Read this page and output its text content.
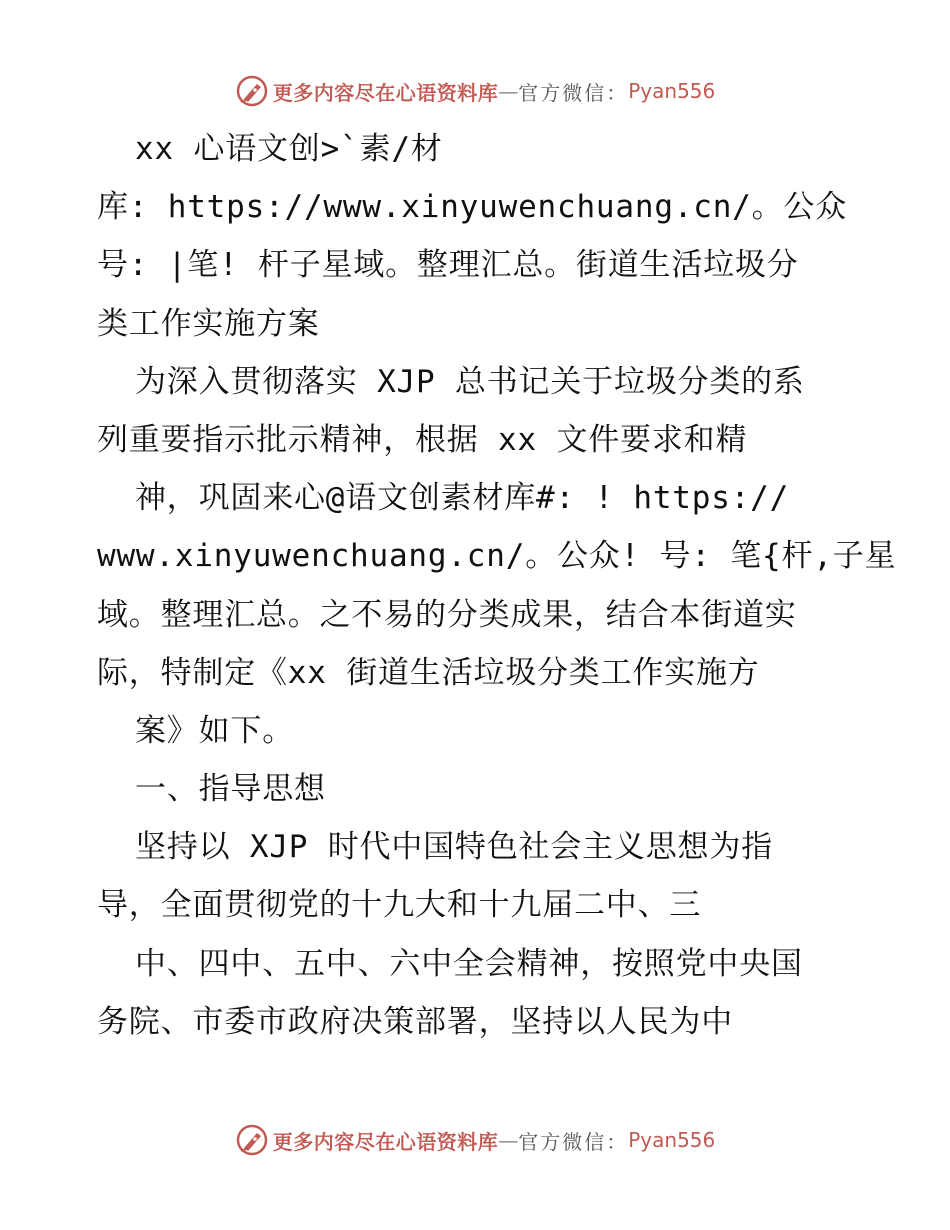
更多内容尽在心语资料库 — 官方微信： Pyan556
xx 心语文创>`素/材
库: https://www.xinyuwenchuang.cn/。公众
号: |笔! 杆子星域。整理汇总。街道生活垃圾分
类工作实施方案
为深入贯彻落实 XJP 总书记关于垃圾分类的系
列重要指示批示精神，根据 xx 文件要求和精
神，巩固来心@语文创素材库#: ! https://
www.xinyuwenchuang.cn/。公众! 号: 笔{杆,子星
域。整理汇总。之不易的分类成果，结合本街道实
际，特制定《xx 街道生活垃圾分类工作实施方
案》如下。
一、指导思想
坚持以 XJP 时代中国特色社会主义思想为指
导，全面贯彻党的十九大和十九届二中、三
中、四中、五中、六中全会精神，按照党中央国
务院、市委市政府决策部署，坚持以人民为中
更多内容尽在心语资料库 — 官方微信： Pyan556
